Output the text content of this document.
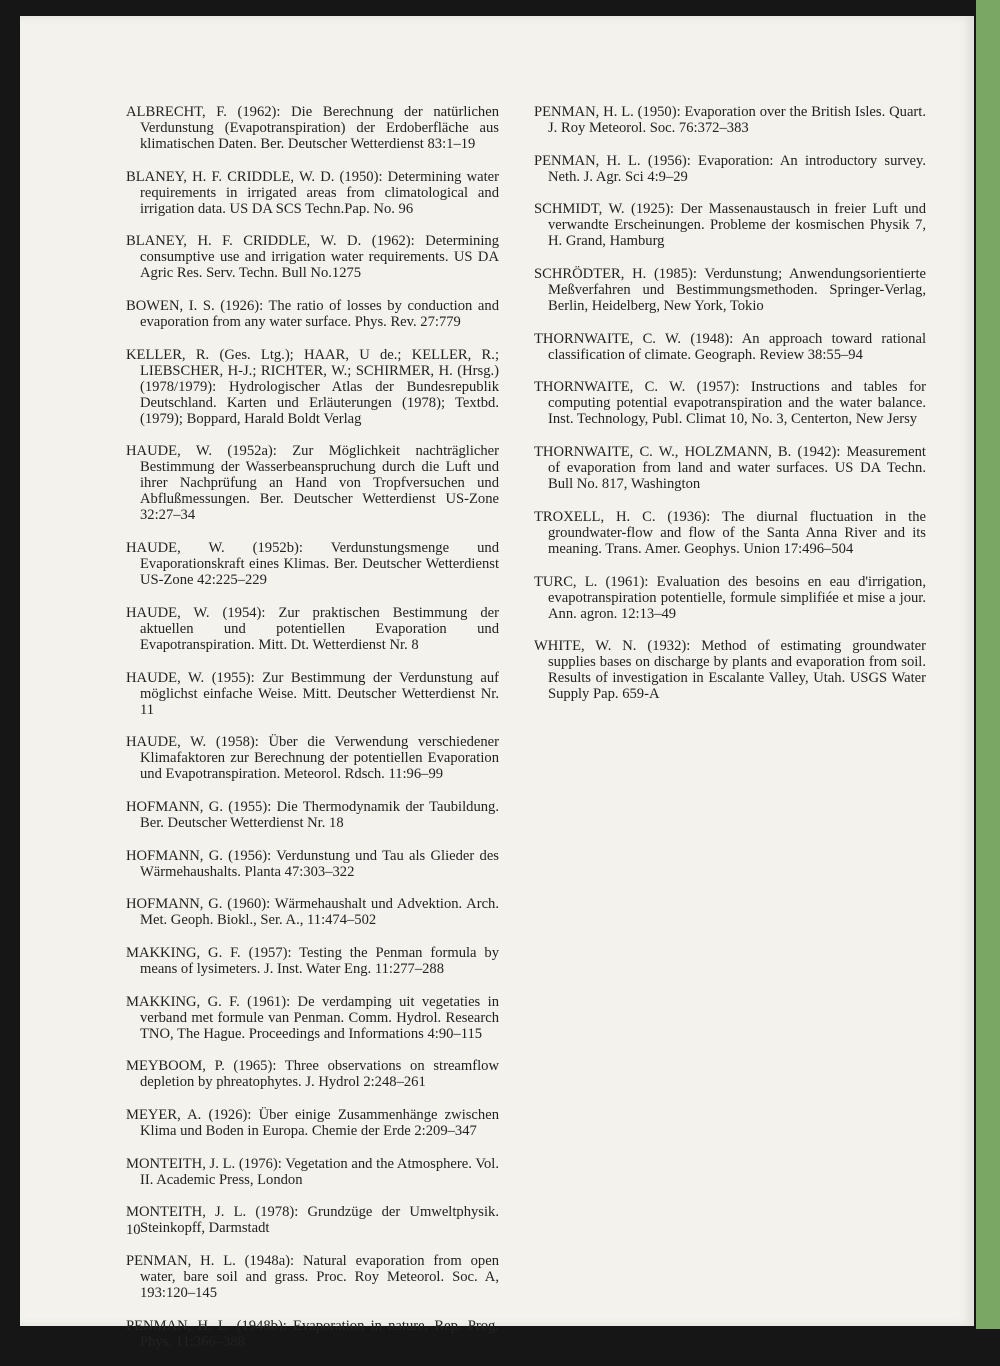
ALBRECHT, F. (1962): Die Berechnung der natürlichen Verdunstung (Evapotranspiration) der Erdoberfläche aus klimatischen Daten. Ber. Deutscher Wetterdienst 83:1–19

BLANEY, H. F. CRIDDLE, W. D. (1950): Determining water requirements in irrigated areas from climatological and irrigation data. US DA SCS Techn.Pap. No. 96

BLANEY, H. F. CRIDDLE, W. D. (1962): Determining consumptive use and irrigation water requirements. US DA Agric Res. Serv. Techn. Bull No.1275

BOWEN, I. S. (1926): The ratio of losses by conduction and evaporation from any water surface. Phys. Rev. 27:779

KELLER, R. (Ges. Ltg.); HAAR, U de.; KELLER, R.; LIEBSCHER, H-J.; RICHTER, W.; SCHIRMER, H. (Hrsg.) (1978/1979): Hydrologischer Atlas der Bundesrepublik Deutschland. Karten und Erläuterungen (1978); Textbd. (1979); Boppard, Harald Boldt Verlag

HAUDE, W. (1952a): Zur Möglichkeit nachträglicher Bestimmung der Wasserbeanspruchung durch die Luft und ihrer Nachprüfung an Hand von Tropfversuchen und Abflußmessungen. Ber. Deutscher Wetterdienst US-Zone 32:27–34

HAUDE, W. (1952b): Verdunstungsmenge und Evaporationskraft eines Klimas. Ber. Deutscher Wetterdienst US-Zone 42:225–229

HAUDE, W. (1954): Zur praktischen Bestimmung der aktuellen und potentiellen Evaporation und Evapotranspiration. Mitt. Dt. Wetterdienst Nr. 8

HAUDE, W. (1955): Zur Bestimmung der Verdunstung auf möglichst einfache Weise. Mitt. Deutscher Wetterdienst Nr. 11

HAUDE, W. (1958): Über die Verwendung verschiedener Klimafaktoren zur Berechnung der potentiellen Evaporation und Evapotranspiration. Meteorol. Rdsch. 11:96–99

HOFMANN, G. (1955): Die Thermodynamik der Taubildung. Ber. Deutscher Wetterdienst Nr. 18

HOFMANN, G. (1956): Verdunstung und Tau als Glieder des Wärmehaushalts. Planta 47:303–322

HOFMANN, G. (1960): Wärmehaushalt und Advektion. Arch. Met. Geoph. Biokl., Ser. A., 11:474–502

MAKKING, G. F. (1957): Testing the Penman formula by means of lysimeters. J. Inst. Water Eng. 11:277–288

MAKKING, G. F. (1961): De verdamping uit vegetaties in verband met formule van Penman. Comm. Hydrol. Research TNO, The Hague. Proceedings and Informations 4:90–115

MEYBOOM, P. (1965): Three observations on streamflow depletion by phreatophytes. J. Hydrol 2:248–261

MEYER, A. (1926): Über einige Zusammenhänge zwischen Klima und Boden in Europa. Chemie der Erde 2:209–347

MONTEITH, J. L. (1976): Vegetation and the Atmosphere. Vol. II. Academic Press, London

MONTEITH, J. L. (1978): Grundzüge der Umweltphysik. Steinkopff, Darmstadt

PENMAN, H. L. (1948a): Natural evaporation from open water, bare soil and grass. Proc. Roy Meteorol. Soc. A, 193:120–145

PENMAN, H. L. (1948b): Evaporation in nature. Rep. Prog. Phys. 11:366–388

PENMAN, H. L. (1950): Evaporation over the British Isles. Quart. J. Roy Meteorol. Soc. 76:372–383

PENMAN, H. L. (1956): Evaporation: An introductory survey. Neth. J. Agr. Sci 4:9–29

SCHMIDT, W. (1925): Der Massenaustausch in freier Luft und verwandte Erscheinungen. Probleme der kosmischen Physik 7, H. Grand, Hamburg

SCHRÖDTER, H. (1985): Verdunstung; Anwendungsorientierte Meßverfahren und Bestimmungsmethoden. Springer-Verlag, Berlin, Heidelberg, New York, Tokio

THORNWAITE, C. W. (1948): An approach toward rational classification of climate. Geograph. Review 38:55–94

THORNWAITE, C. W. (1957): Instructions and tables for computing potential evapotranspiration and the water balance. Inst. Technology, Publ. Climat 10, No. 3, Centerton, New Jersy

THORNWAITE, C. W., HOLZMANN, B. (1942): Measurement of evaporation from land and water surfaces. US DA Techn. Bull No. 817, Washington

TROXELL, H. C. (1936): The diurnal fluctuation in the groundwater-flow and flow of the Santa Anna River and its meaning. Trans. Amer. Geophys. Union 17:496–504

TURC, L. (1961): Evaluation des besoins en eau d'irrigation, evapotranspiration potentielle, formule simplifiée et mise a jour. Ann. agron. 12:13–49

WHITE, W. N. (1932): Method of estimating groundwater supplies bases on discharge by plants and evaporation from soil. Results of investigation in Escalante Valley, Utah. USGS Water Supply Pap. 659-A

10
